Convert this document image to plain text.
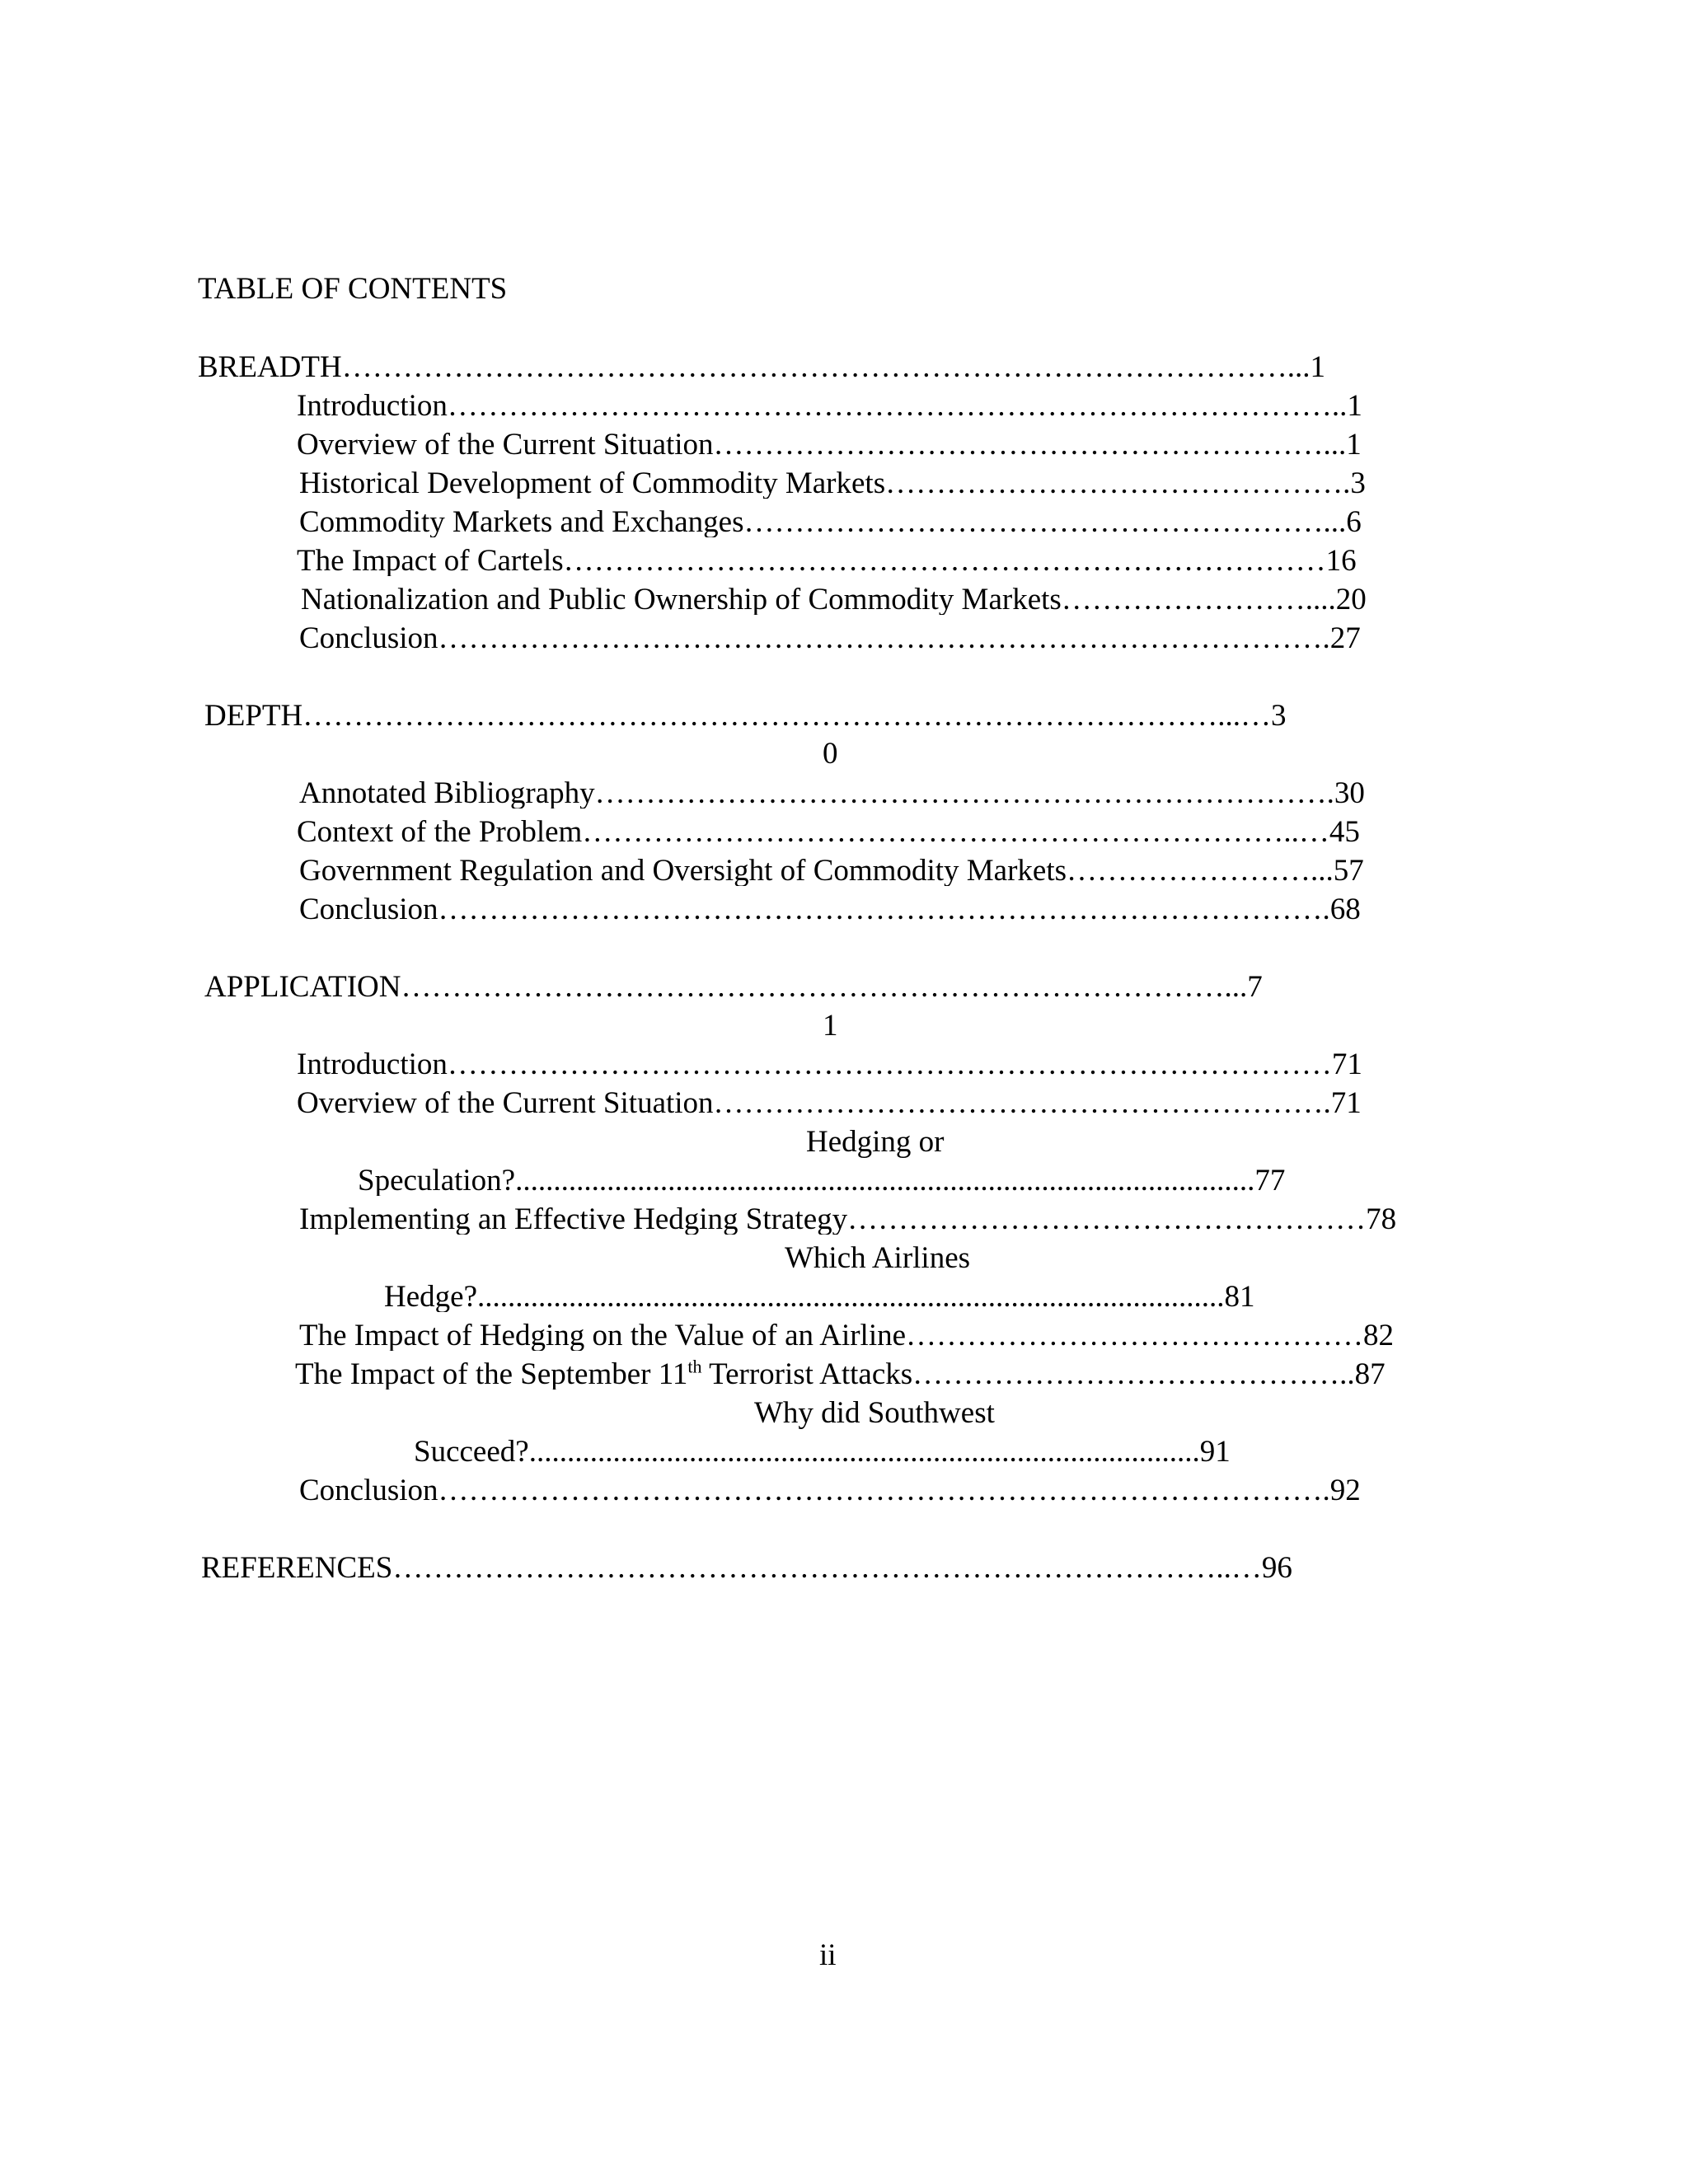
TABLE OF CONTENTS
BREADTH…………………………………………………………………………………...1
Introduction……………………………………………………………………………..1
Overview of the Current Situation……………………………………………………...1
Historical Development of Commodity Markets……………………………………….3
Commodity Markets and Exchanges…………………………………………………...6
The Impact of Cartels…………………………………………………………………16
Nationalization and Public Ownership of Commodity Markets……………………....20
Conclusion…………………………………………………………………………….27
DEPTH………………………………………………………………………………...…3
0
Annotated Bibliography……………………………………………………………….30
Context of the Problem……………………………………………………………..…45
Government Regulation and Oversight of Commodity Markets……………………...57
Conclusion…………………………………………………………………………….68
APPLICATION………………………………………………………………………...7
1
Introduction……………………………………………………………………………71
Overview of the Current Situation…………………………………………………….71
Hedging or
Speculation?.................................................................................................77
Implementing an Effective Hedging Strategy……………………………………………78
Which Airlines
Hedge?..................................................................................................81
The Impact of Hedging on the Value of an Airline………………………………………82
The Impact of the September 11th Terrorist Attacks……………………………………..87
Why did Southwest
Succeed?........................................................................................91
Conclusion…………………………………………………………………………….92
REFERENCES………………………………………………………………………..…96
ii
